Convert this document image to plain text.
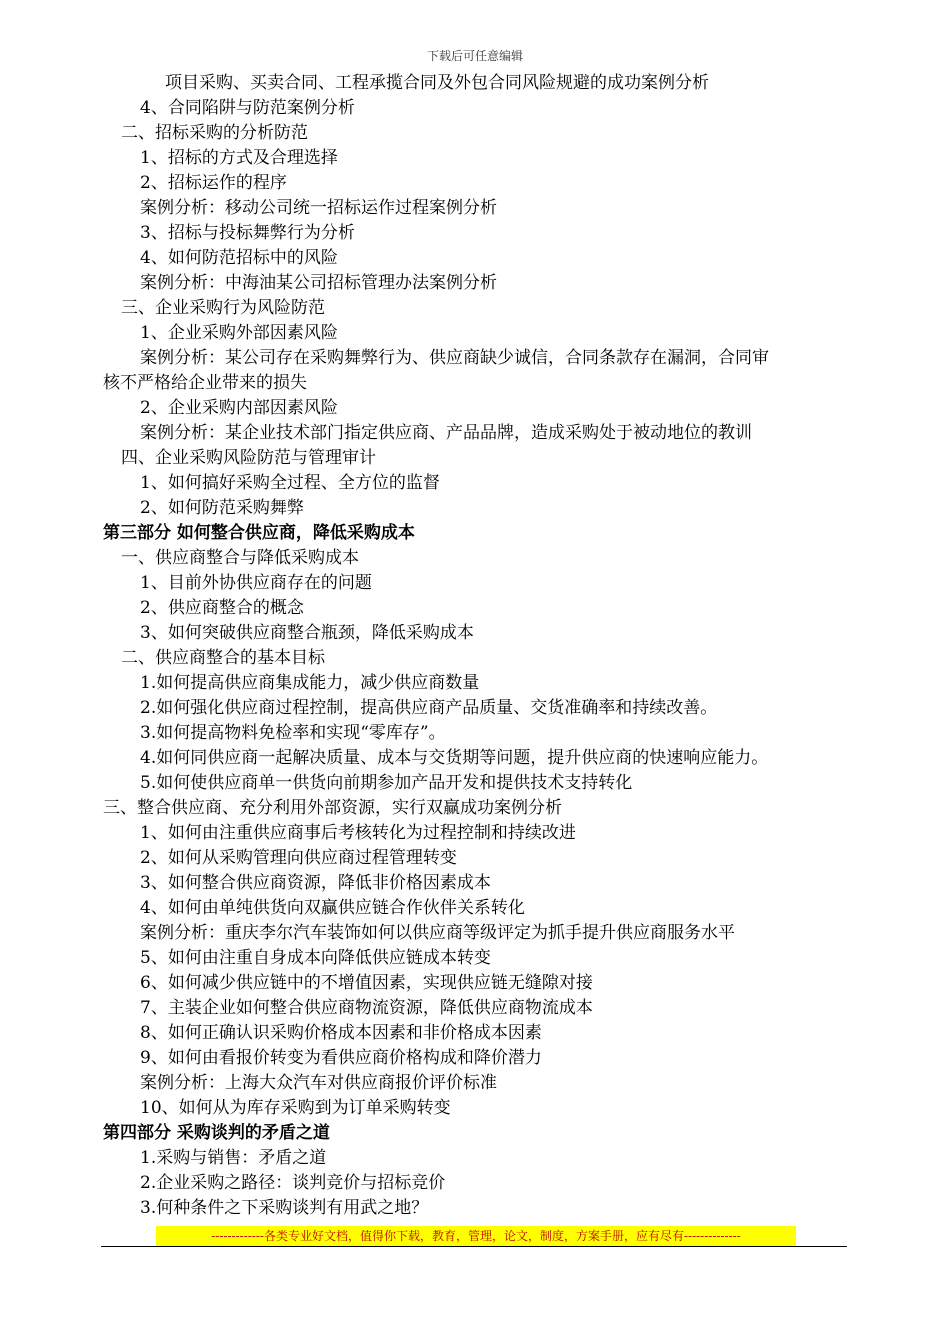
下载后可任意编辑
项目采购、买卖合同、工程承揽合同及外包合同风险规避的成功案例分析
4、合同陷阱与防范案例分析
二、招标采购的分析防范
1、招标的方式及合理选择
2、招标运作的程序
案例分析：移动公司统一招标运作过程案例分析
3、招标与投标舞弊行为分析
4、如何防范招标中的风险
案例分析：中海油某公司招标管理办法案例分析
三、企业采购行为风险防范
1、企业采购外部因素风险
案例分析：某公司存在采购舞弊行为、供应商缺少诚信，合同条款存在漏洞，合同审
核不严格给企业带来的损失
2、企业采购内部因素风险
案例分析：某企业技术部门指定供应商、产品品牌，造成采购处于被动地位的教训
四、企业采购风险防范与管理审计
1、如何搞好采购全过程、全方位的监督
2、如何防范采购舞弊
第三部分 如何整合供应商，降低采购成本
一、供应商整合与降低采购成本
1、目前外协供应商存在的问题
2、供应商整合的概念
3、如何突破供应商整合瓶颈，降低采购成本
二、供应商整合的基本目标
1.如何提高供应商集成能力，减少供应商数量
2.如何强化供应商过程控制，提高供应商产品质量、交货准确率和持续改善。
3.如何提高物料免检率和实现“零库存”。
4.如何同供应商一起解决质量、成本与交货期等问题，提升供应商的快速响应能力。
5.如何使供应商单一供货向前期参加产品开发和提供技术支持转化
三、整合供应商、充分利用外部资源，实行双赢成功案例分析
1、如何由注重供应商事后考核转化为过程控制和持续改进
2、如何从采购管理向供应商过程管理转变
3、如何整合供应商资源，降低非价格因素成本
4、如何由单纯供货向双赢供应链合作伙伴关系转化
案例分析：重庆李尔汽车装饰如何以供应商等级评定为抓手提升供应商服务水平
5、如何由注重自身成本向降低供应链成本转变
6、如何减少供应链中的不增值因素，实现供应链无缝隙对接
7、主装企业如何整合供应商物流资源，降低供应商物流成本
8、如何正确认识采购价格成本因素和非价格成本因素
9、如何由看报价转变为看供应商价格构成和降价潜力
案例分析：上海大众汽车对供应商报价评价标准
10、如何从为库存采购到为订单采购转变
第四部分 采购谈判的矛盾之道
1.采购与销售：矛盾之道
2.企业采购之路径：谈判竞价与招标竞价
3.何种条件之下采购谈判有用武之地？
-------------各类专业好文档，值得你下载，教育，管理，论文，制度，方案手册，应有尽有--------------
